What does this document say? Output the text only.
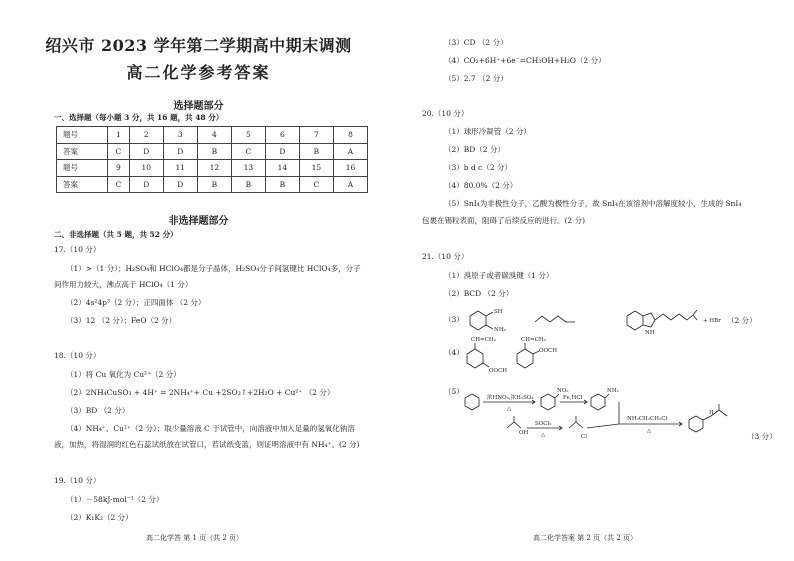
绍兴市 2023 学年第二学期高中期末调测
高二化学参考答案
选择题部分
一、选择题（每小题 3 分，共 16 题，共 48 分）
题号	1	2	3	4	5	6	7	8
答案	C	D	D	B	C	D	B	A
题号	9	10	11	12	13	14	15	16
答案	C	D	D	B	B	B	C	A
非选择题部分
二、非选择题（共 5 题，共 52 分）
17.（10 分）
（1）>（1 分）；H₂SO₄和 HClO₄都是分子晶体，H₂SO₄分子间氢键比 HClO₄多，分子
间作用力较大，沸点高于 HClO₄（1 分）
（2）4s²4p³（2 分）；正四面体 （2 分）
（3）12 （2 分）；FeO（2 分）
18.（10 分）
（1）将 Cu 氧化为 Cu²⁺（2 分）
（2）2NH₄CuSO₃ + 4H⁺ = 2NH₄⁺+ Cu +2SO₂↑+2H₂O + Cu²⁺ （2 分）
（3）BD （2 分）
（4）NH₄⁺、Cu²⁺（2 分）；取少量溶液 C 于试管中，向溶液中加入足量的氢氧化钠溶
液，加热，将湿润的红色石蕊试纸放在试管口，若试纸变蓝，则证明溶液中有 NH₄⁺。(2 分)
19.（10 分）
（1）－58kJ·mol⁻¹（2 分）
（2）K₁K₂（2 分）
高二化学答 第 1 页（共 2 页）
（3）CD （2 分）
（4）CO₂+6H⁺+6e⁻=CH₃OH+H₂O（2 分）
（5）2.7 （2 分）
20.（10 分）
（1）球形冷凝管（2 分）
（2）BD（2 分）
（3）b d c（2 分）
（4）80.0%（2 分）
（5）SnI₄为非极性分子，乙酸为极性分子，故 SnI₄在该溶剂中溶解度较小，生成的 SnI₄
包裹在锡粒表面，阻碍了后续反应的进行。(2 分)
21.（10 分）
（1）溴原子或者碳溴键（1 分）
（2）BCD （2 分）
（3）
SH
NH₂	NH
+ HBr （2 分）
（4）
CH=CH₂
OOCH
CH=CH₂
OOCH
（5）
浓HNO₃,浓H₂SO₄
△
NO₂
Fe,HCl
NH₂
NH₂CH₂CH₂Cl
△
H
OH
SOCl₂
△	Cl	（3 分）
高二化学答案 第 2 页（共 2 页）
